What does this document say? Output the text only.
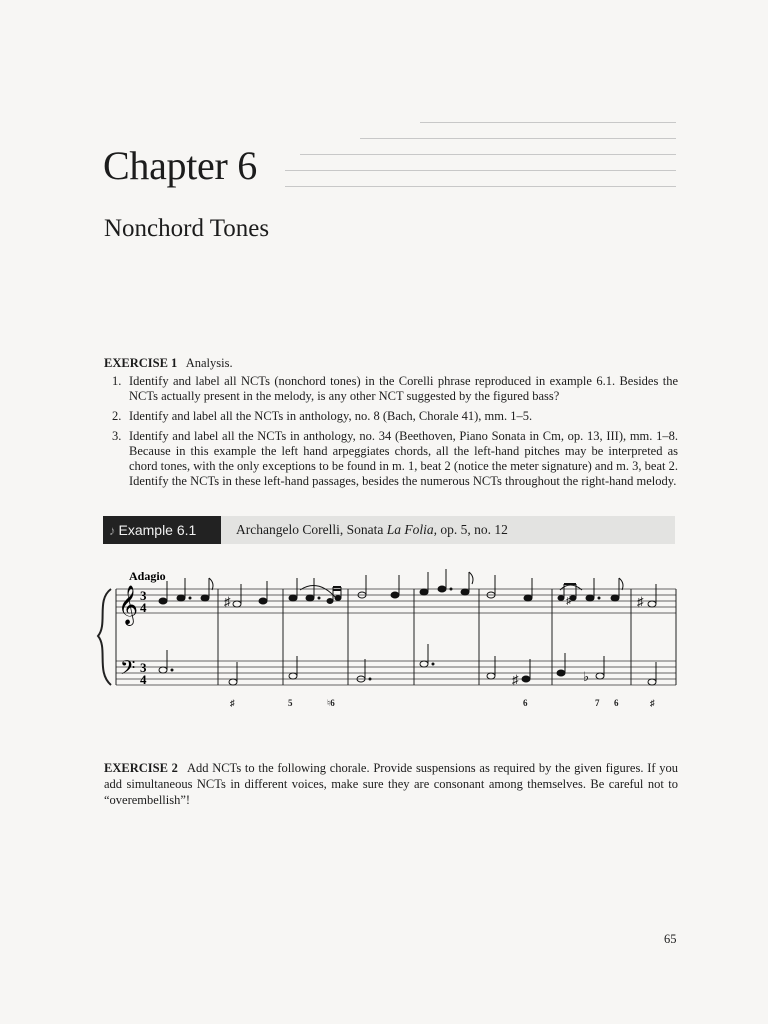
Chapter 6
Nonchord Tones
EXERCISE 1 Analysis.
1. Identify and label all NCTs (nonchord tones) in the Corelli phrase reproduced in example 6.1. Besides the NCTs actually present in the melody, is any other NCT suggested by the figured bass?
2. Identify and label all the NCTs in anthology, no. 8 (Bach, Chorale 41), mm. 1–5.
3. Identify and label all the NCTs in anthology, no. 34 (Beethoven, Piano Sonata in Cm, op. 13, III), mm. 1–8. Because in this example the left hand arpeggiates chords, all the left-hand pitches may be interpreted as chord tones, with the only exceptions to be found in m. 1, beat 2 (notice the meter signature) and m. 3, beat 2. Identify the NCTs in these left-hand passages, besides the numerous NCTs throughout the right-hand melody.
♪ Example 6.1	Archangelo Corelli, Sonata La Folia, op. 5, no. 12
Adagio
𝄞
𝄢
3
4
3
4
♯	♯	♯
♯	♭
♯	5	♮6	6	7 6	♯

EXERCISE 2 Add NCTs to the following chorale. Provide suspensions as required by the given figures. If you add simultaneous NCTs in different voices, make sure they are consonant among themselves. Be careful not to “overembellish”!

65
